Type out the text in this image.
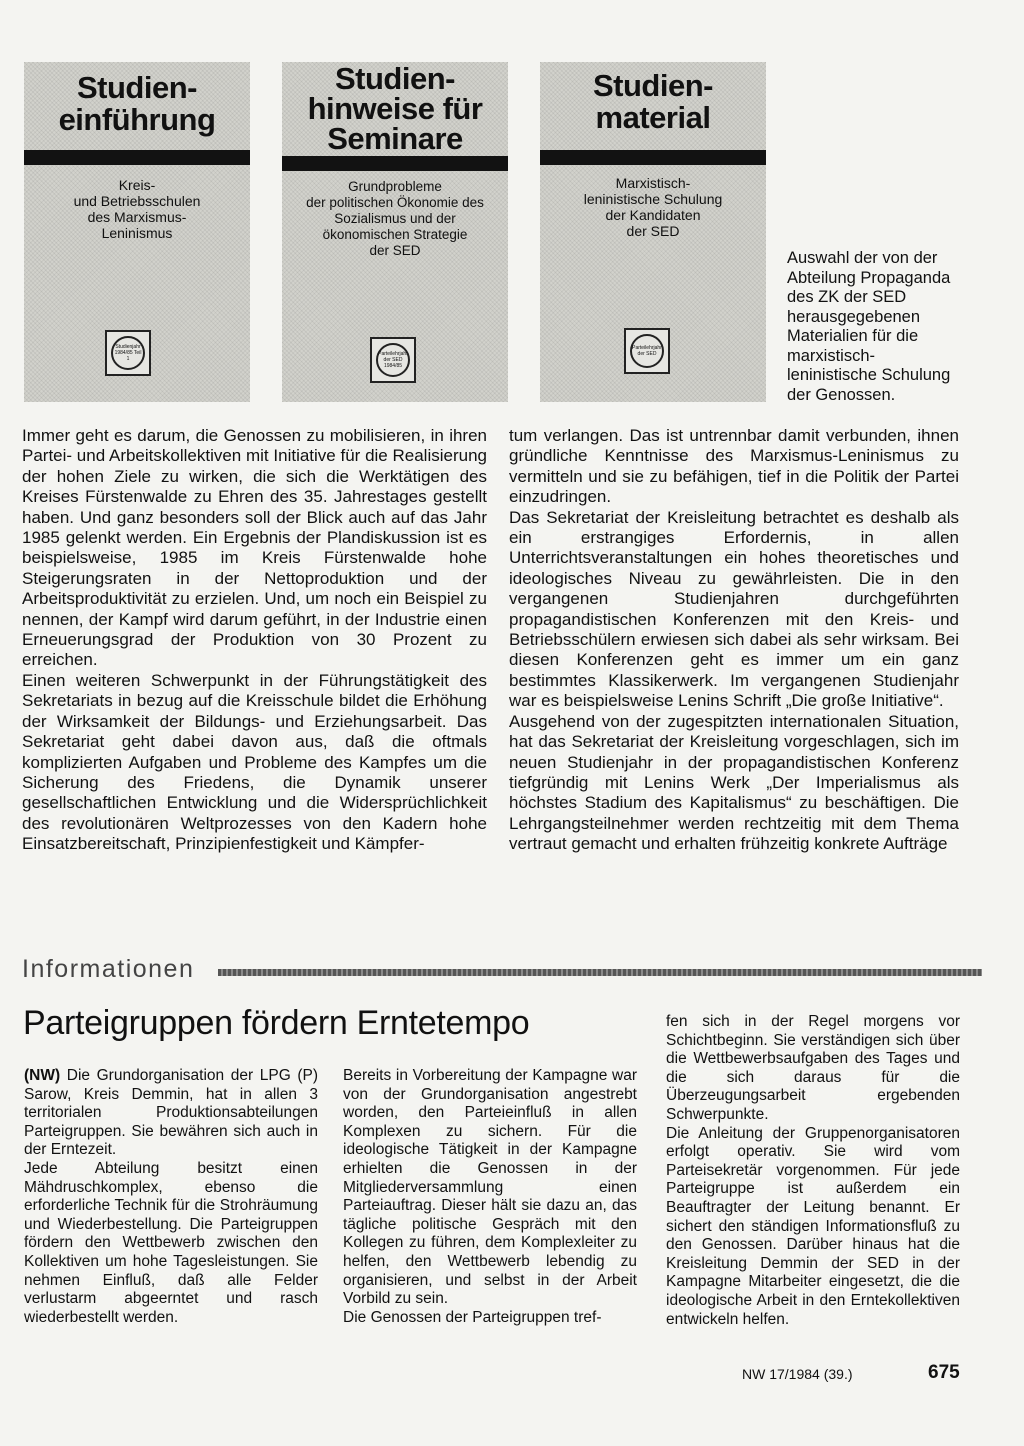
Studien-
einführung
Kreis-
und Betriebsschulen
des Marxismus-
Leninismus
Studienjahr 1984/85 Teil 1
Studien-
hinweise für
Seminare
Grundprobleme
der politischen Ökonomie des
Sozialismus und der
ökonomischen Strategie
der SED
Parteilehrjahr der SED 1984/85
Studien-
material
Marxistisch-
leninistische Schulung
der Kandidaten
der SED
Parteilehrjahr der SED
Auswahl der von der Abteilung Propaganda des ZK der SED herausgegebenen Materialien für die marxistisch-leninistische Schulung der Genossen.

Immer geht es darum, die Genossen zu mobilisieren, in ihren Partei- und Arbeitskollektiven mit Initiative für die Realisierung der hohen Ziele zu wirken, die sich die Werktätigen des Kreises Fürstenwalde zu Ehren des 35. Jahrestages gestellt haben. Und ganz besonders soll der Blick auch auf das Jahr 1985 gelenkt werden. Ein Ergebnis der Plandiskussion ist es beispielsweise, 1985 im Kreis Fürstenwalde hohe Steigerungsraten in der Nettoproduktion und der Arbeitsproduktivität zu erzielen. Und, um noch ein Beispiel zu nennen, der Kampf wird darum geführt, in der Industrie einen Erneuerungsgrad der Produktion von 30 Prozent zu erreichen.

Einen weiteren Schwerpunkt in der Führungstätigkeit des Sekretariats in bezug auf die Kreisschule bildet die Erhöhung der Wirksamkeit der Bildungs- und Erziehungsarbeit. Das Sekretariat geht dabei davon aus, daß die oftmals komplizierten Aufgaben und Probleme des Kampfes um die Sicherung des Friedens, die Dynamik unserer gesellschaftlichen Entwicklung und die Widersprüchlichkeit des revolutionären Weltprozesses von den Kadern hohe Einsatzbereitschaft, Prinzipienfestigkeit und Kämpfer-

tum verlangen. Das ist untrennbar damit verbunden, ihnen gründliche Kenntnisse des Marxismus-Leninismus zu vermitteln und sie zu befähigen, tief in die Politik der Partei einzudringen.

Das Sekretariat der Kreisleitung betrachtet es deshalb als ein erstrangiges Erfordernis, in allen Unterrichtsveranstaltungen ein hohes theoretisches und ideologisches Niveau zu gewährleisten. Die in den vergangenen Studienjahren durchgeführten propagandistischen Konferenzen mit den Kreis- und Betriebsschülern erwiesen sich dabei als sehr wirksam. Bei diesen Konferenzen geht es immer um ein ganz bestimmtes Klassikerwerk. Im vergangenen Studienjahr war es beispielsweise Lenins Schrift „Die große Initiative“.

Ausgehend von der zugespitzten internationalen Situation, hat das Sekretariat der Kreisleitung vorgeschlagen, sich im neuen Studienjahr in der propagandistischen Konferenz tiefgründig mit Lenins Werk „Der Imperialismus als höchstes Stadium des Kapitalismus“ zu beschäftigen. Die Lehrgangsteilnehmer werden rechtzeitig mit dem Thema vertraut gemacht und erhalten frühzeitig konkrete Aufträge

Informationen
Parteigruppen fördern Erntetempo

(NW) Die Grundorganisation der LPG (P) Sarow, Kreis Demmin, hat in allen 3 territorialen Produktionsabteilungen Parteigruppen. Sie bewähren sich auch in der Erntezeit.

Jede Abteilung besitzt einen Mähdruschkomplex, ebenso die erforderliche Technik für die Strohräumung und Wiederbestellung. Die Parteigruppen fördern den Wettbewerb zwischen den Kollektiven um hohe Tagesleistungen. Sie nehmen Einfluß, daß alle Felder verlustarm abgeerntet und rasch wiederbestellt werden.

Bereits in Vorbereitung der Kampagne war von der Grundorganisation angestrebt worden, den Parteieinfluß in allen Komplexen zu sichern. Für die ideologische Tätigkeit in der Kampagne erhielten die Genossen in der Mitgliederversammlung einen Parteiauftrag. Dieser hält sie dazu an, das tägliche politische Gespräch mit den Kollegen zu führen, dem Komplexleiter zu helfen, den Wettbewerb lebendig zu organisieren, und selbst in der Arbeit Vorbild zu sein.

Die Genossen der Parteigruppen tref-

fen sich in der Regel morgens vor Schichtbeginn. Sie verständigen sich über die Wettbewerbsaufgaben des Tages und die sich daraus für die Überzeugungsarbeit ergebenden Schwerpunkte.

Die Anleitung der Gruppenorganisatoren erfolgt operativ. Sie wird vom Parteisekretär vorgenommen. Für jede Parteigruppe ist außerdem ein Beauftragter der Leitung benannt. Er sichert den ständigen Informationsfluß zu den Genossen. Darüber hinaus hat die Kreisleitung Demmin der SED in der Kampagne Mitarbeiter eingesetzt, die die ideologische Arbeit in den Erntekollektiven entwickeln helfen.

NW 17/1984 (39.)	675
